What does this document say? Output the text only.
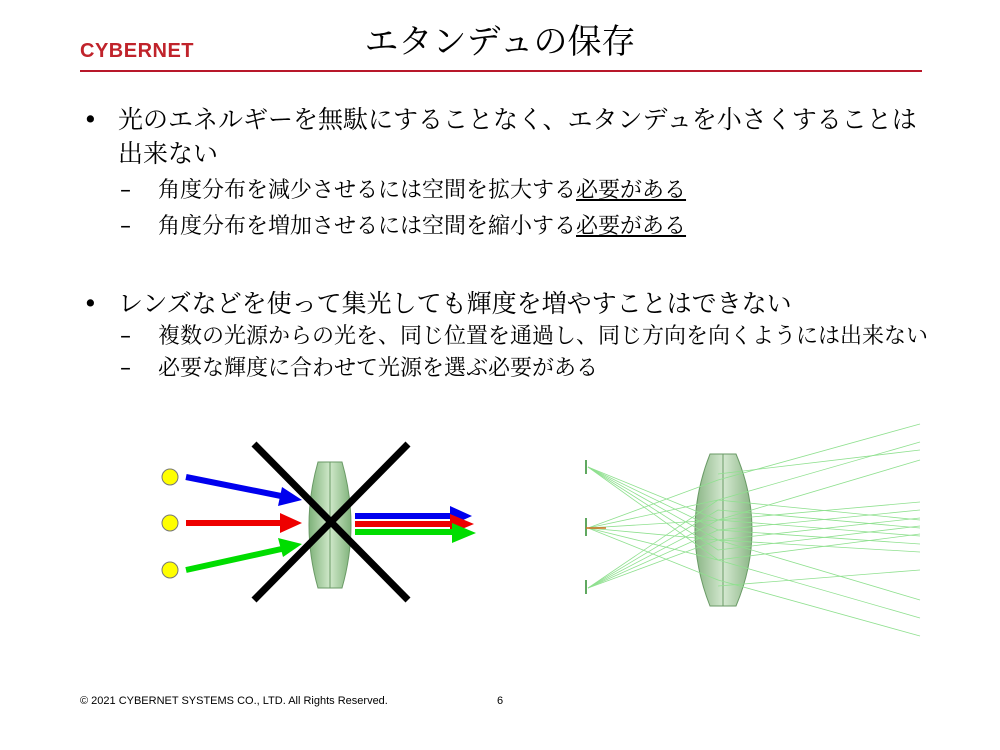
CYBERNET	エタンデュの保存
• 光のエネルギーを無駄にすることなく、エタンデュを小さくすることは出来ない
– 角度分布を減少させるには空間を拡大する必要がある
– 角度分布を増加させるには空間を縮小する必要がある
• レンズなどを使って集光しても輝度を増やすことはできない
– 複数の光源からの光を、同じ位置を通過し、同じ方向を向くようには出来ない
– 必要な輝度に合わせて光源を選ぶ必要がある
© 2021 CYBERNET SYSTEMS CO., LTD. All Rights Reserved.	6
